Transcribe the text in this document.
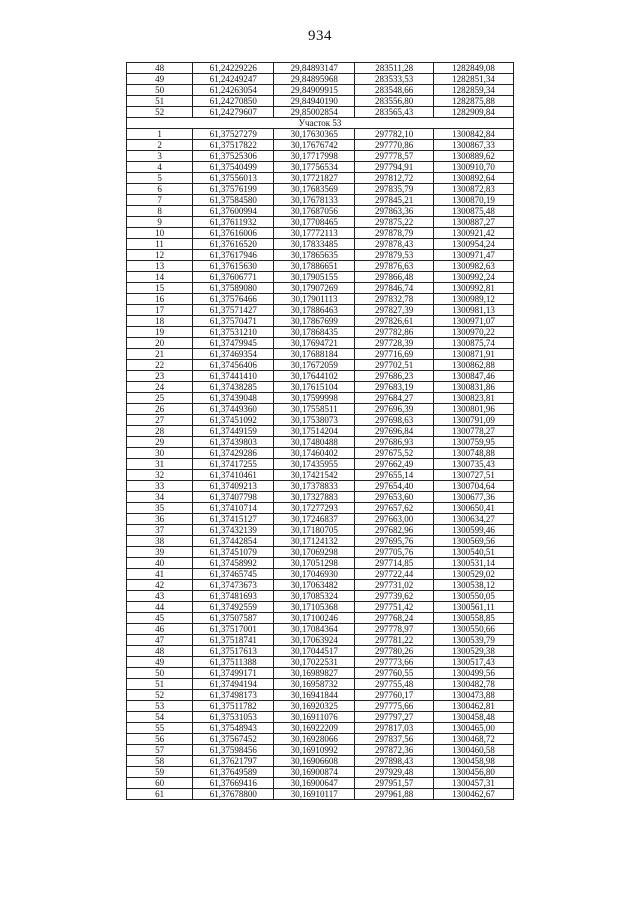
934
48	61,24229226	29,84893147	283511,28	1282849,08
49	61,24249247	29,84895968	283533,53	1282851,34
50	61,24263054	29,84909915	283548,66	1282859,34
51	61,24270850	29,84940190	283556,80	1282875,88
52	61,24279607	29,85002854	283565,43	1282909,84
Участок 53				
1	61,37527279	30,17630365	297782,10	1300842,84
2	61,37517822	30,17676742	297770,86	1300867,33
3	61,37525306	30,17717998	297778,57	1300889,62
4	61,37540499	30,17756534	297794,91	1300910,70
5	61,37556013	30,17721827	297812,72	1300892,64
6	61,37576199	30,17683569	297835,79	1300872,83
7	61,37584580	30,17678133	297845,21	1300870,19
8	61,37600994	30,17687056	297863,36	1300875,48
9	61,37611932	30,17708465	297875,22	1300887,27
10	61,37616006	30,17772113	297878,79	1300921,42
11	61,37616520	30,17833485	297878,43	1300954,24
12	61,37617946	30,17865635	297879,53	1300971,47
13	61,37615630	30,17886651	297876,63	1300982,63
14	61,37606771	30,17905155	297866,48	1300992,24
15	61,37589080	30,17907269	297846,74	1300992,81
16	61,37576466	30,17901113	297832,78	1300989,12
17	61,37571427	30,17886463	297827,39	1300981,13
18	61,37570471	30,17867699	297826,61	1300971,07
19	61,37531210	30,17868435	297782,86	1300970,22
20	61,37479945	30,17694721	297728,39	1300875,74
21	61,37469354	30,17688184	297716,69	1300871,91
22	61,37456406	30,17672059	297702,51	1300862,88
23	61,37441410	30,17644102	297686,23	1300847,46
24	61,37438285	30,17615104	297683,19	1300831,86
25	61,37439048	30,17599998	297684,27	1300823,81
26	61,37449360	30,17558511	297696,39	1300801,96
27	61,37451092	30,17538073	297698,63	1300791,09
28	61,37449159	30,17514204	297696,84	1300778,27
29	61,37439803	30,17480488	297686,93	1300759,95
30	61,37429286	30,17460402	297675,52	1300748,88
31	61,37417255	30,17435955	297662,49	1300735,43
32	61,37410461	30,17421542	297655,14	1300727,51
33	61,37409213	30,17378833	297654,40	1300704,64
34	61,37407798	30,17327883	297653,60	1300677,36
35	61,37410714	30,17277293	297657,62	1300650,41
36	61,37415127	30,17246837	297663,00	1300634,27
37	61,37432139	30,17180705	297682,96	1300599,46
38	61,37442854	30,17124132	297695,76	1300569,56
39	61,37451079	30,17069298	297705,76	1300540,51
40	61,37458992	30,17051298	297714,85	1300531,14
41	61,37465745	30,17046930	297722,44	1300529,02
42	61,37473673	30,17063482	297731,02	1300538,12
43	61,37481693	30,17085324	297739,62	1300550,05
44	61,37492559	30,17105368	297751,42	1300561,11
45	61,37507587	30,17100246	297768,24	1300558,85
46	61,37517001	30,17084364	297778,97	1300550,66
47	61,37518741	30,17063924	297781,22	1300539,79
48	61,37517613	30,17044517	297780,26	1300529,38
49	61,37511388	30,17022531	297773,66	1300517,43
50	61,37499171	30,16989827	297760,55	1300499,56
51	61,37494194	30,16958732	297755,48	1300482,78
52	61,37498173	30,16941844	297760,17	1300473,88
53	61,37511782	30,16920325	297775,66	1300462,81
54	61,37531053	30,16911076	297797,27	1300458,48
55	61,37548943	30,16922209	297817,03	1300465,00
56	61,37567452	30,16928066	297837,56	1300468,72
57	61,37598456	30,16910992	297872,36	1300460,58
58	61,37621797	30,16906608	297898,43	1300458,98
59	61,37649589	30,16900874	297929,48	1300456,80
60	61,37669416	30,16900647	297951,57	1300457,31
61	61,37678800	30,16910117	297961,88	1300462,67
